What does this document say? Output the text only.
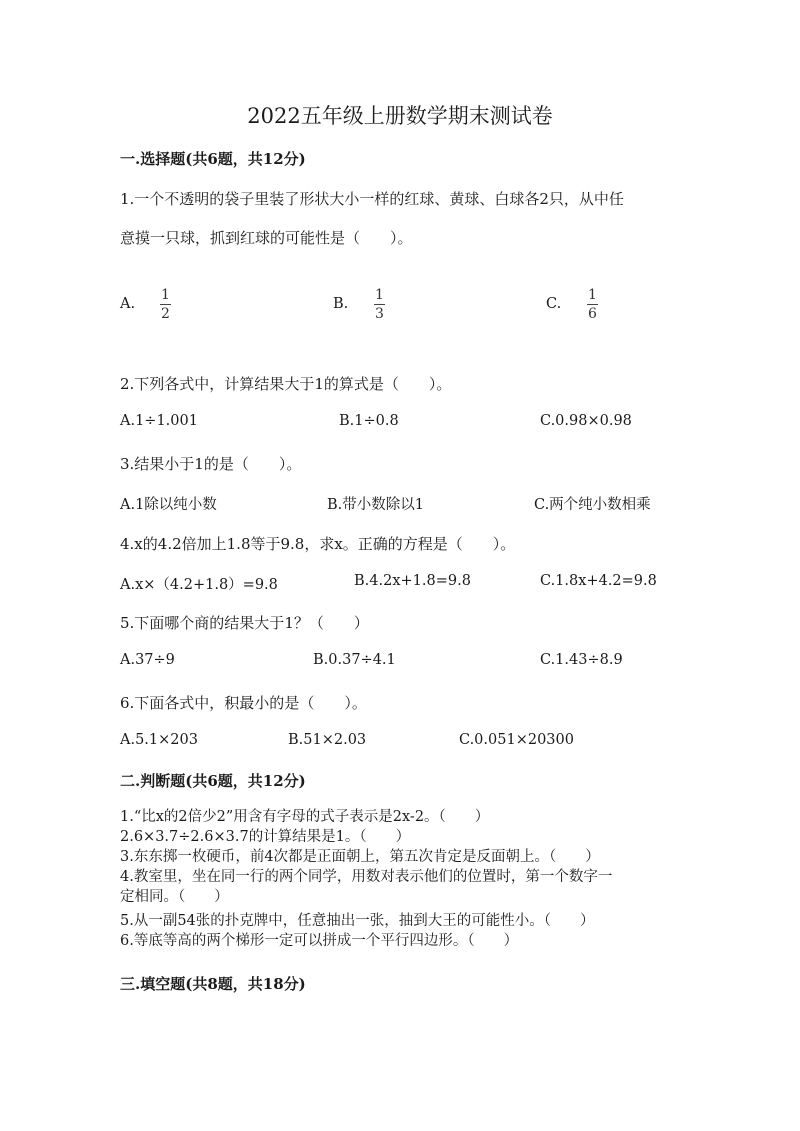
2022五年级上册数学期末测试卷
一.选择题(共6题，共12分)
1.一个不透明的袋子里装了形状大小一样的红球、黄球、白球各2只，从中任
意摸一只球，抓到红球的可能性是（　　）。
A.
1
2
B.
1
3
C.
1
6
2.下列各式中，计算结果大于1的算式是（　　）。
A.1÷1.001	B.1÷0.8	C.0.98×0.98
3.结果小于1的是（　　）。
A.1除以纯小数	B.带小数除以1	C.两个纯小数相乘
4.x的4.2倍加上1.8等于9.8，求x。正确的方程是（　　）。
A.x×（4.2+1.8）=9.8	B.4.2x+1.8=9.8	C.1.8x+4.2=9.8
5.下面哪个商的结果大于1？（　　）
A.37÷9	B.0.37÷4.1	C.1.43÷8.9
6.下面各式中，积最小的是（　　）。
A.5.1×203	B.51×2.03	C.0.051×20300
二.判断题(共6题，共12分)
1.“比x的2倍少2”用含有字母的式子表示是2x-2。（　　）
2.6×3.7÷2.6×3.7的计算结果是1。（　　）
3.东东掷一枚硬币，前4次都是正面朝上，第五次肯定是反面朝上。（　　）
4.教室里，坐在同一行的两个同学，用数对表示他们的位置时，第一个数字一
定相同。（　　）
5.从一副54张的扑克牌中，任意抽出一张，抽到大王的可能性小。（　　）
6.等底等高的两个梯形一定可以拼成一个平行四边形。（　　）
三.填空题(共8题，共18分)
